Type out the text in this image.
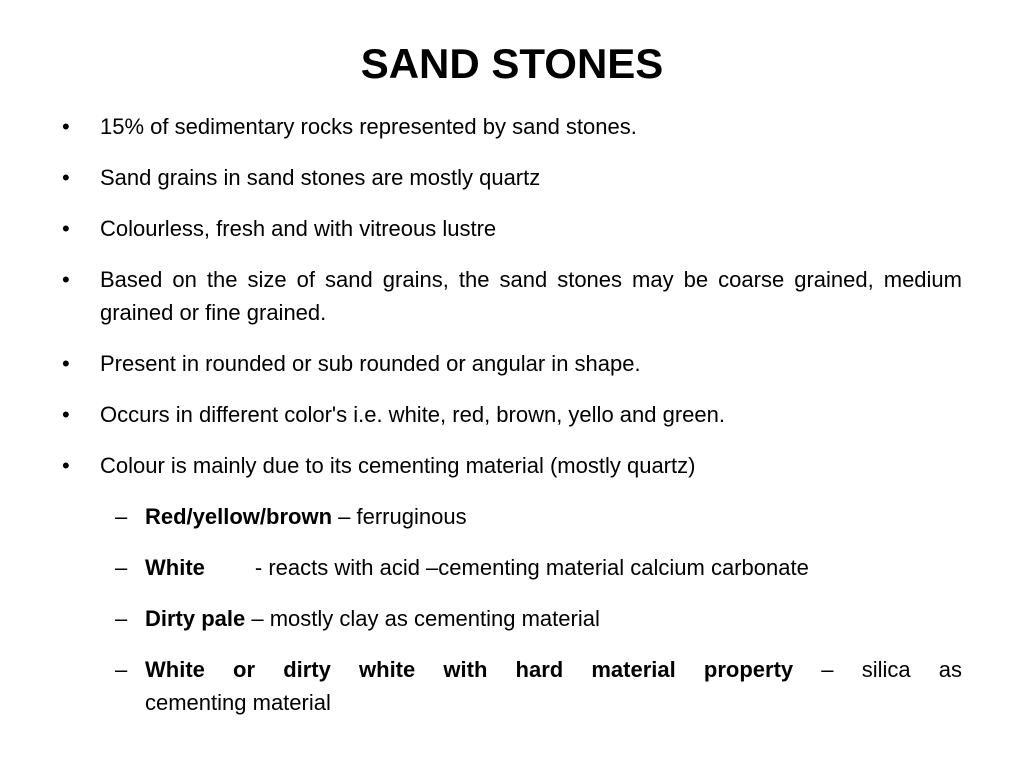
SAND STONES
•	15% of sedimentary rocks represented by sand stones.
•	Sand grains in sand stones are mostly quartz
•	Colourless, fresh and with vitreous lustre
•	Based on the size of sand grains, the sand stones may be coarse grained, medium grained or fine grained.
•	Present in rounded or sub rounded or angular in shape.
•	Occurs in different color's i.e. white, red, brown, yello and green.
•	Colour is mainly due to its cementing material (mostly quartz)
– Red/yellow/brown – ferruginous
– White - reacts with acid –cementing material calcium carbonate
– Dirty pale – mostly clay as cementing material
– White or dirty white with hard material property – silica as
cementing material
